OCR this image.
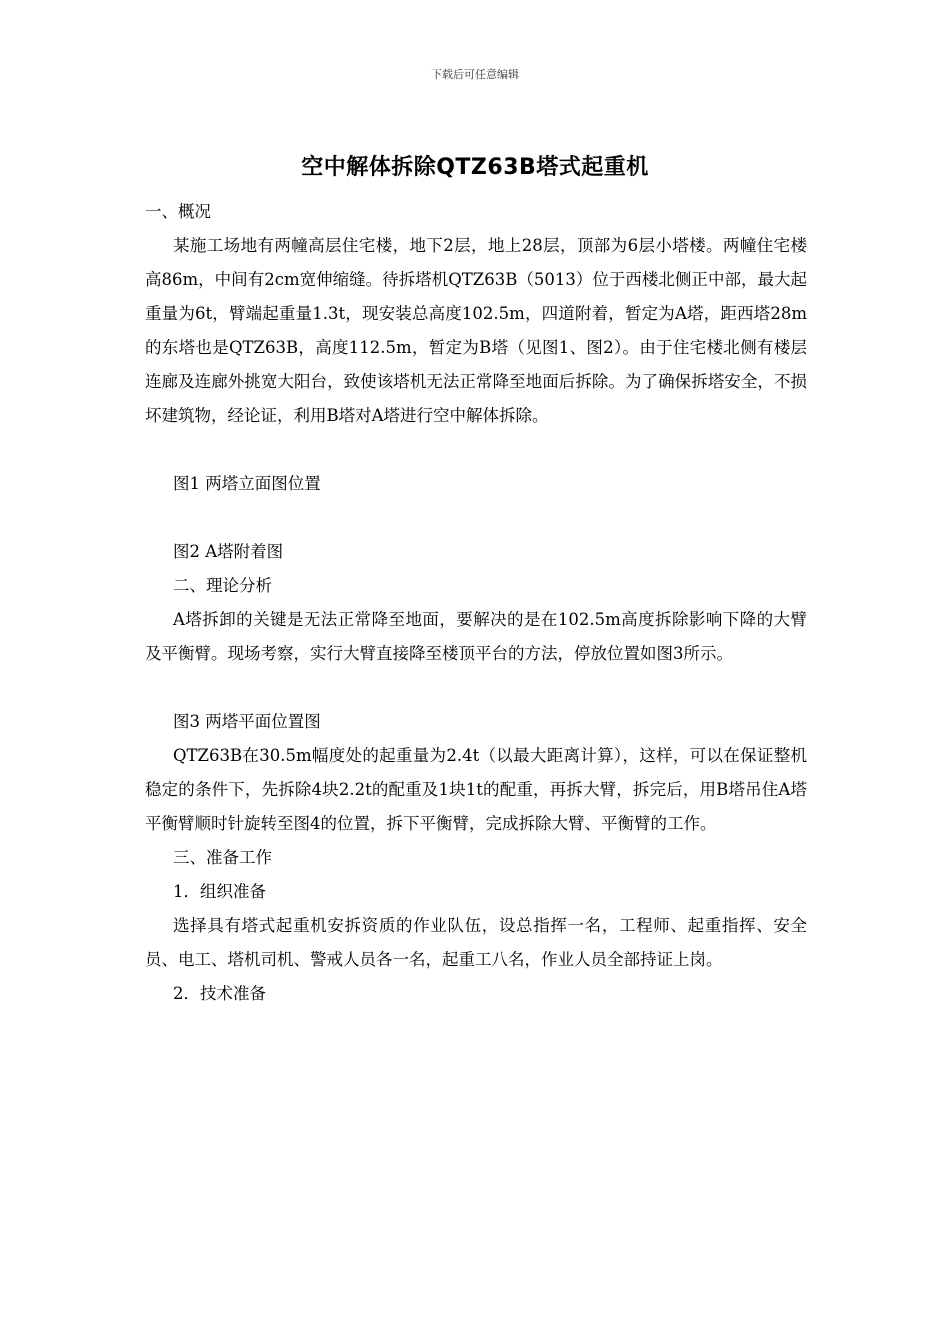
下载后可任意编辑
空中解体拆除QTZ63B塔式起重机

一、概况

某施工场地有两幢高层住宅楼，地下2层，地上28层，顶部为6层小塔楼。两幢住宅楼高86m，中间有2cm宽伸缩缝。待拆塔机QTZ63B（5013）位于西楼北侧正中部，最大起重量为6t，臂端起重量1.3t，现安装总高度102.5m，四道附着，暂定为A塔，距西塔28m的东塔也是QTZ63B，高度112.5m，暂定为B塔（见图1、图2）。由于住宅楼北侧有楼层连廊及连廊外挑宽大阳台，致使该塔机无法正常降至地面后拆除。为了确保拆塔安全，不损坏建筑物，经论证，利用B塔对A塔进行空中解体拆除。

图1 两塔立面图位置

图2 A塔附着图

二、理论分析

A塔拆卸的关键是无法正常降至地面，要解决的是在102.5m高度拆除影响下降的大臂及平衡臂。现场考察，实行大臂直接降至楼顶平台的方法，停放位置如图3所示。

图3 两塔平面位置图

QTZ63B在30.5m幅度处的起重量为2.4t（以最大距离计算），这样，可以在保证整机稳定的条件下，先拆除4块2.2t的配重及1块1t的配重，再拆大臂，拆完后，用B塔吊住A塔平衡臂顺时针旋转至图4的位置，拆下平衡臂，完成拆除大臂、平衡臂的工作。

三、准备工作

1．组织准备

选择具有塔式起重机安拆资质的作业队伍，设总指挥一名，工程师、起重指挥、安全员、电工、塔机司机、警戒人员各一名，起重工八名，作业人员全部持证上岗。

2．技术准备
